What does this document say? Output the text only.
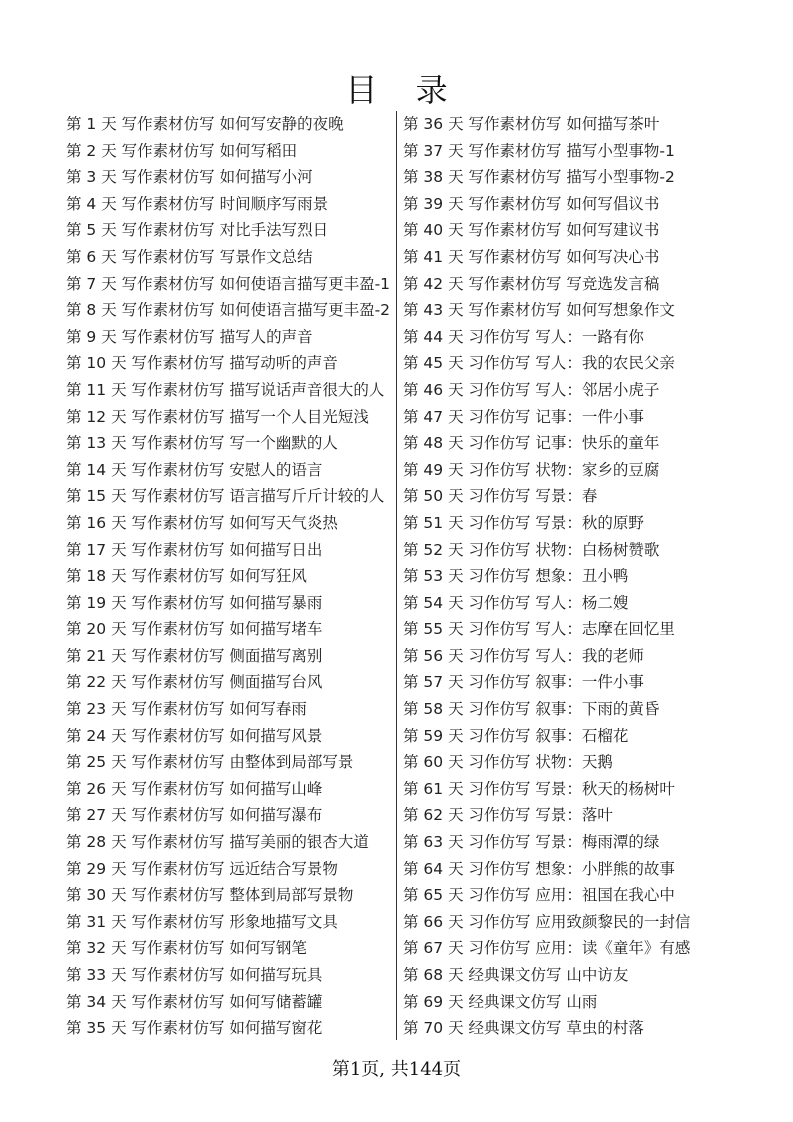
目 录
第 1 天 写作素材仿写 如何写安静的夜晚
第 2 天 写作素材仿写 如何写稻田
第 3 天 写作素材仿写 如何描写小河
第 4 天 写作素材仿写 时间顺序写雨景
第 5 天 写作素材仿写 对比手法写烈日
第 6 天 写作素材仿写 写景作文总结
第 7 天 写作素材仿写 如何使语言描写更丰盈-1
第 8 天 写作素材仿写 如何使语言描写更丰盈-2
第 9 天 写作素材仿写 描写人的声音
第 10 天 写作素材仿写 描写动听的声音
第 11 天 写作素材仿写 描写说话声音很大的人
第 12 天 写作素材仿写 描写一个人目光短浅
第 13 天 写作素材仿写 写一个幽默的人
第 14 天 写作素材仿写 安慰人的语言
第 15 天 写作素材仿写 语言描写斤斤计较的人
第 16 天 写作素材仿写 如何写天气炎热
第 17 天 写作素材仿写 如何描写日出
第 18 天 写作素材仿写 如何写狂风
第 19 天 写作素材仿写 如何描写暴雨
第 20 天 写作素材仿写 如何描写堵车
第 21 天 写作素材仿写 侧面描写离别
第 22 天 写作素材仿写 侧面描写台风
第 23 天 写作素材仿写 如何写春雨
第 24 天 写作素材仿写 如何描写风景
第 25 天 写作素材仿写 由整体到局部写景
第 26 天 写作素材仿写 如何描写山峰
第 27 天 写作素材仿写 如何描写瀑布
第 28 天 写作素材仿写 描写美丽的银杏大道
第 29 天 写作素材仿写 远近结合写景物
第 30 天 写作素材仿写 整体到局部写景物
第 31 天 写作素材仿写 形象地描写文具
第 32 天 写作素材仿写 如何写钢笔
第 33 天 写作素材仿写 如何描写玩具
第 34 天 写作素材仿写 如何写储蓄罐
第 35 天 写作素材仿写 如何描写窗花
第 36 天 写作素材仿写 如何描写茶叶
第 37 天 写作素材仿写 描写小型事物-1
第 38 天 写作素材仿写 描写小型事物-2
第 39 天 写作素材仿写 如何写倡议书
第 40 天 写作素材仿写 如何写建议书
第 41 天 写作素材仿写 如何写决心书
第 42 天 写作素材仿写 写竞选发言稿
第 43 天 写作素材仿写 如何写想象作文
第 44 天 习作仿写 写人：一路有你
第 45 天 习作仿写 写人：我的农民父亲
第 46 天 习作仿写 写人：邻居小虎子
第 47 天 习作仿写 记事：一件小事
第 48 天 习作仿写 记事：快乐的童年
第 49 天 习作仿写 状物：家乡的豆腐
第 50 天 习作仿写 写景：春
第 51 天 习作仿写 写景：秋的原野
第 52 天 习作仿写 状物：白杨树赞歌
第 53 天 习作仿写 想象：丑小鸭
第 54 天 习作仿写 写人：杨二嫂
第 55 天 习作仿写 写人：志摩在回忆里
第 56 天 习作仿写 写人：我的老师
第 57 天 习作仿写 叙事：一件小事
第 58 天 习作仿写 叙事：下雨的黄昏
第 59 天 习作仿写 叙事：石榴花
第 60 天 习作仿写 状物：天鹅
第 61 天 习作仿写 写景：秋天的杨树叶
第 62 天 习作仿写 写景：落叶
第 63 天 习作仿写 写景：梅雨潭的绿
第 64 天 习作仿写 想象：小胖熊的故事
第 65 天 习作仿写 应用：祖国在我心中
第 66 天 习作仿写 应用致颜黎民的一封信
第 67 天 习作仿写 应用：读《童年》有感
第 68 天 经典课文仿写 山中访友
第 69 天 经典课文仿写 山雨
第 70 天 经典课文仿写 草虫的村落
第1页, 共144页
